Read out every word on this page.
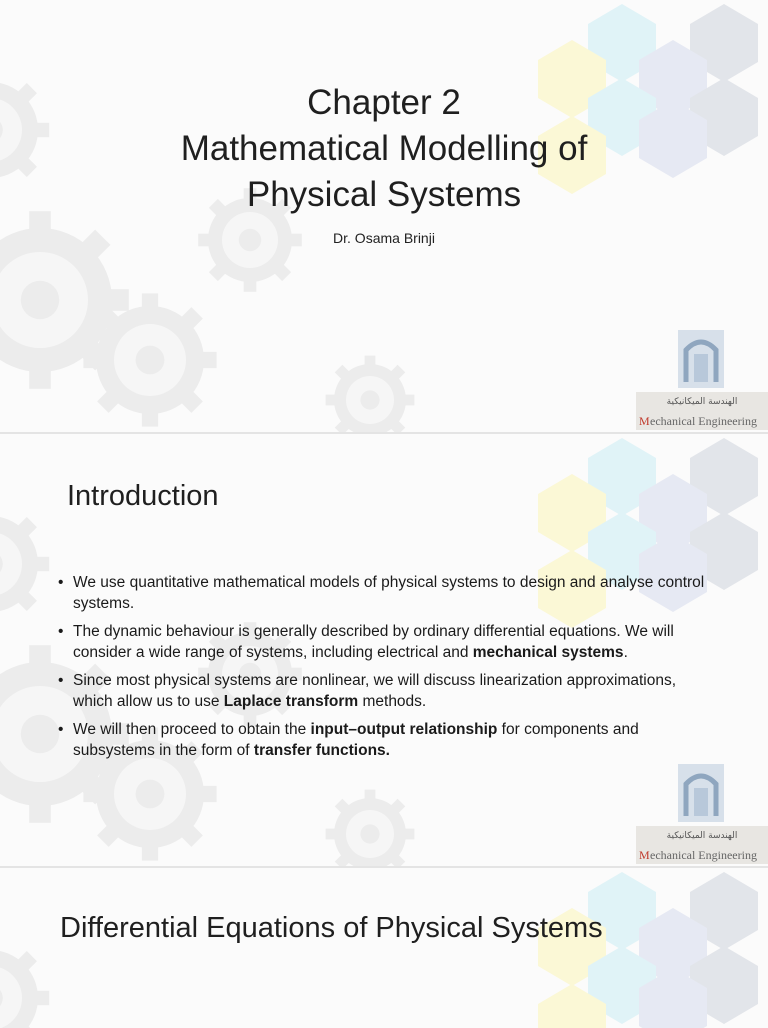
Chapter 2
Mathematical Modelling of
Physical Systems
Dr. Osama Brinji
الهندسة الميكانيكية
M echanical Engineering
Introduction
• We use quantitative mathematical models of physical systems to design and analyse control systems.
• The dynamic behaviour is generally described by ordinary differential equations. We will consider a wide range of systems, including electrical and mechanical systems.
• Since most physical systems are nonlinear, we will discuss linearization approximations, which allow us to use Laplace transform methods.
• We will then proceed to obtain the input–output relationship for components and subsystems in the form of transfer functions.
الهندسة الميكانيكية
M echanical Engineering
Differential Equations of Physical Systems
